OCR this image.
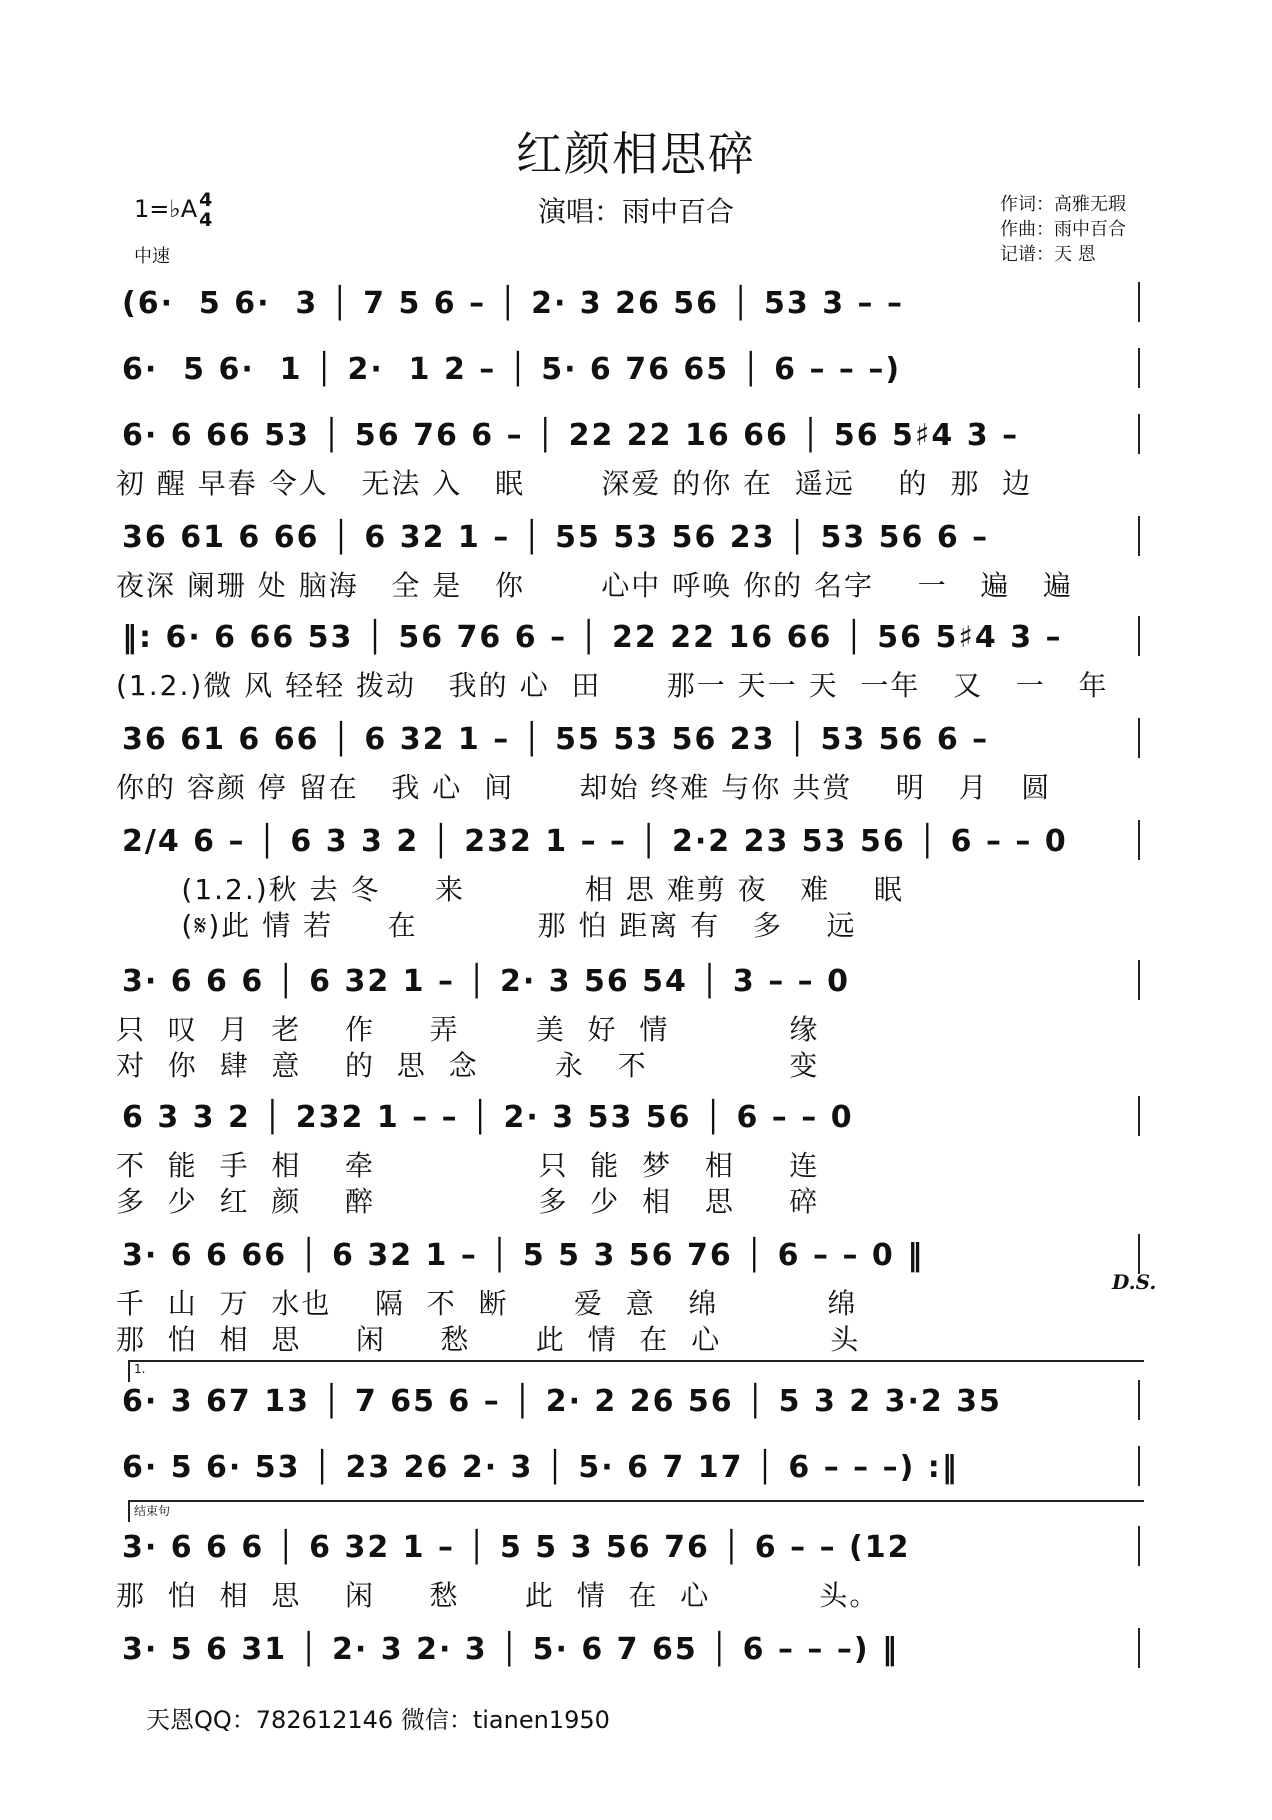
红颜相思碎
1=♭A 4
4	演唱：雨中百合	作词：高雅无瑕
作曲：雨中百合
记谱：天 恩
中速
(6·  5 6·  3 │ 7 5 6 – │ 2· 3 26 56 │ 53 3 – –
6·  5 6·  1 │ 2·  1 2 – │ 5· 6 76 65 │ 6 – – –)
6· 6 66 53 │ 56 76 6 – │ 22 22 16 66 │ 56 5♯4 3 –
初 醒 早春 令人   无法 入   眠       深爱 的你 在  遥远    的  那  边
36 61 6 66 │ 6 32 1 – │ 55 53 56 23 │ 53 56 6 –
夜深 阑珊 处 脑海   全 是   你       心中 呼唤 你的 名字    一   遍   遍
‖: 6· 6 66 53 │ 56 76 6 – │ 22 22 16 66 │ 56 5♯4 3 –
(1.2.)微 风 轻轻 拨动   我的 心  田      那一 天一 天  一年   又   一   年
36 61 6 66 │ 6 32 1 – │ 55 53 56 23 │ 53 56 6 –
你的 容颜 停 留在   我 心  间      却始 终难 与你 共赏    明   月   圆
2/4 6 – │ 6 3 3 2 │ 232 1 – – │ 2·2 23 53 56 │ 6 – – 0
(1.2.)秋 去 冬     来           相 思 难剪 夜   难    眠
(𝄋)此 情 若     在           那 怕 距离 有   多    远
3· 6 6 6 │ 6 32 1 – │ 2· 3 56 54 │ 3 – – 0
只  叹  月  老    作     弄       美  好  情           缘
对  你  肆  意    的  思  念       永   不             变
6 3 3 2 │ 232 1 – – │ 2· 3 53 56 │ 6 – – 0
不  能  手  相    牵               只  能  梦   相     连
多  少  红  颜    醉               多  少  相   思     碎
3· 6 6 66 │ 6 32 1 – │ 5 5 3 56 76 │ 6 – – 0 ‖
千  山  万  水也    隔  不  断      爱  意   绵          绵
那  怕  相  思     闲     愁      此  情  在  心          头
6· 3 67 13 │ 7 65 6 – │ 2· 2 26 56 │ 5 3 2 3·2 35
6· 5 6· 53 │ 23 26 2· 3 │ 5· 6 7 17 │ 6 – – –) :‖
3· 6 6 6 │ 6 32 1 – │ 5 5 3 56 76 │ 6 – – (12
那  怕  相  思    闲     愁      此  情  在  心          头。
3· 5 6 31 │ 2· 3 2· 3 │ 5· 6 7 65 │ 6 – – –) ‖
1.
结束句
D.S.
天恩QQ：782612146 微信：tianen1950
